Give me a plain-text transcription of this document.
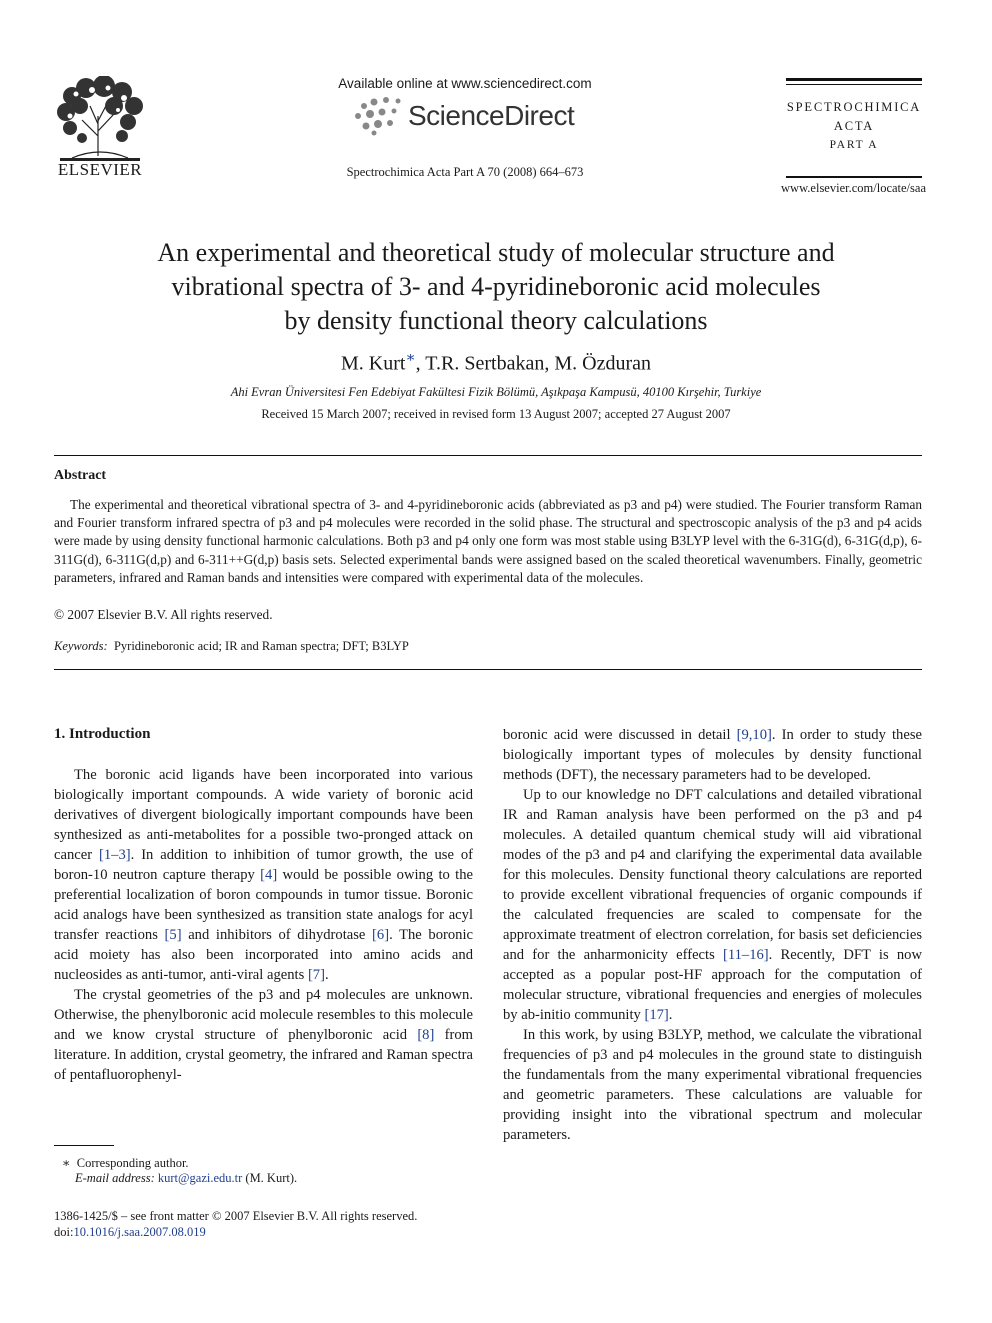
ELSEVIER
Available online at www.sciencedirect.com
ScienceDirect
Spectrochimica Acta Part A 70 (2008) 664–673
SPECTROCHIMICA
ACTA
PART A
www.elsevier.com/locate/saa
An experimental and theoretical study of molecular structure and
vibrational spectra of 3- and 4-pyridineboronic acid molecules
by density functional theory calculations
M. Kurt∗, T.R. Sertbakan, M. Özduran
Ahi Evran Üniversitesi Fen Edebiyat Fakültesi Fizik Bölümü, Aşıkpaşa Kampusü, 40100 Kırşehir, Turkiye
Received 15 March 2007; received in revised form 13 August 2007; accepted 27 August 2007
Abstract
The experimental and theoretical vibrational spectra of 3- and 4-pyridineboronic acids (abbreviated as p3 and p4) were studied. The Fourier transform Raman and Fourier transform infrared spectra of p3 and p4 molecules were recorded in the solid phase. The structural and spectroscopic analysis of the p3 and p4 acids were made by using density functional harmonic calculations. Both p3 and p4 only one form was most stable using B3LYP level with the 6-31G(d), 6-31G(d,p), 6-311G(d), 6-311G(d,p) and 6-311++G(d,p) basis sets. Selected experimental bands were assigned based on the scaled theoretical wavenumbers. Finally, geometric parameters, infrared and Raman bands and intensities were compared with experimental data of the molecules.
© 2007 Elsevier B.V. All rights reserved.
Keywords: Pyridineboronic acid; IR and Raman spectra; DFT; B3LYP
1. Introduction

The boronic acid ligands have been incorporated into various biologically important compounds. A wide variety of boronic acid derivatives of divergent biologically important compounds have been synthesized as anti-metabolites for a possible two-pronged attack on cancer [1–3]. In addition to inhibition of tumor growth, the use of boron-10 neutron capture therapy [4] would be possible owing to the preferential localization of boron compounds in tumor tissue. Boronic acid analogs have been synthesized as transition state analogs for acyl transfer reactions [5] and inhibitors of dihydrotase [6]. The boronic acid moiety has also been incorporated into amino acids and nucleosides as anti-tumor, anti-viral agents [7].

The crystal geometries of the p3 and p4 molecules are unknown. Otherwise, the phenylboronic acid molecule resembles to this molecule and we know crystal structure of phenylboronic acid [8] from literature. In addition, crystal geometry, the infrared and Raman spectra of pentafluorophenyl-

boronic acid were discussed in detail [9,10]. In order to study these biologically important types of molecules by density functional methods (DFT), the necessary parameters had to be developed.

Up to our knowledge no DFT calculations and detailed vibrational IR and Raman analysis have been performed on the p3 and p4 molecules. A detailed quantum chemical study will aid vibrational modes of the p3 and p4 and clarifying the experimental data available for this molecules. Density functional theory calculations are reported to provide excellent vibrational frequencies of organic compounds if the calculated frequencies are scaled to compensate for the approximate treatment of electron correlation, for basis set deficiencies and for the anharmonicity effects [11–16]. Recently, DFT is now accepted as a popular post-HF approach for the computation of molecular structure, vibrational frequencies and energies of molecules by ab-initio community [17].

In this work, by using B3LYP, method, we calculate the vibrational frequencies of p3 and p4 molecules in the ground state to distinguish the fundamentals from the many experimental vibrational frequencies and geometric parameters. These calculations are valuable for providing insight into the vibrational spectrum and molecular parameters.

∗ Corresponding author.
E-mail address: kurt@gazi.edu.tr (M. Kurt).
1386-1425/$ – see front matter © 2007 Elsevier B.V. All rights reserved.
doi:10.1016/j.saa.2007.08.019
